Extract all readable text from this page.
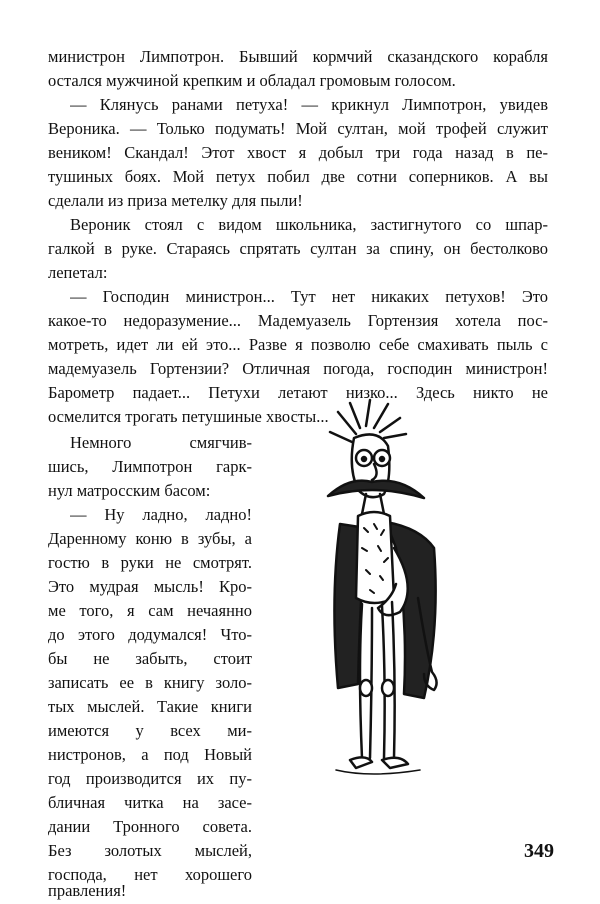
министрон Лимпотрон. Бывший кормчий сказандского корабля
остался мужчиной крепким и обладал громовым голосом.
— Клянусь ранами петуха! — крикнул Лимпотрон, увидев
Вероника. — Только подумать! Мой султан, мой трофей служит
веником! Скандал! Этот хвост я добыл три года назад в пе-
тушиных боях. Мой петух побил две сотни соперников. А вы
сделали из приза метелку для пыли!
Вероник стоял с видом школьника, застигнутого со шпар-
галкой в руке. Стараясь спрятать султан за спину, он бестолково
лепетал:
— Господин министрон... Тут нет никаких петухов! Это
какое-то недоразумение... Мадемуазель Гортензия хотела пос-
мотреть, идет ли ей это... Разве я позволю себе смахивать пыль с
мадемуазель Гортензии? Отличная погода, господин министрон!
Барометр падает... Петухи летают низко... Здесь никто не
осмелится трогать петушиные хвосты...
Немного смягчив-
шись, Лимпотрон гарк-
нул матросским басом:
— Ну ладно, ладно!
Даренному коню в зубы, а
гостю в руки не смотрят.
Это мудрая мысль! Кро-
ме того, я сам нечаянно
до этого додумался! Что-
бы не забыть, стоит
записать ее в книгу золо-
тых мыслей. Такие книги
имеются у всех ми-
нистронов, а под Новый
год производится их пу-
бличная читка на засе-
дании Тронного совета.
Без золотых мыслей,
господа, нет хорошего
правления!
349
